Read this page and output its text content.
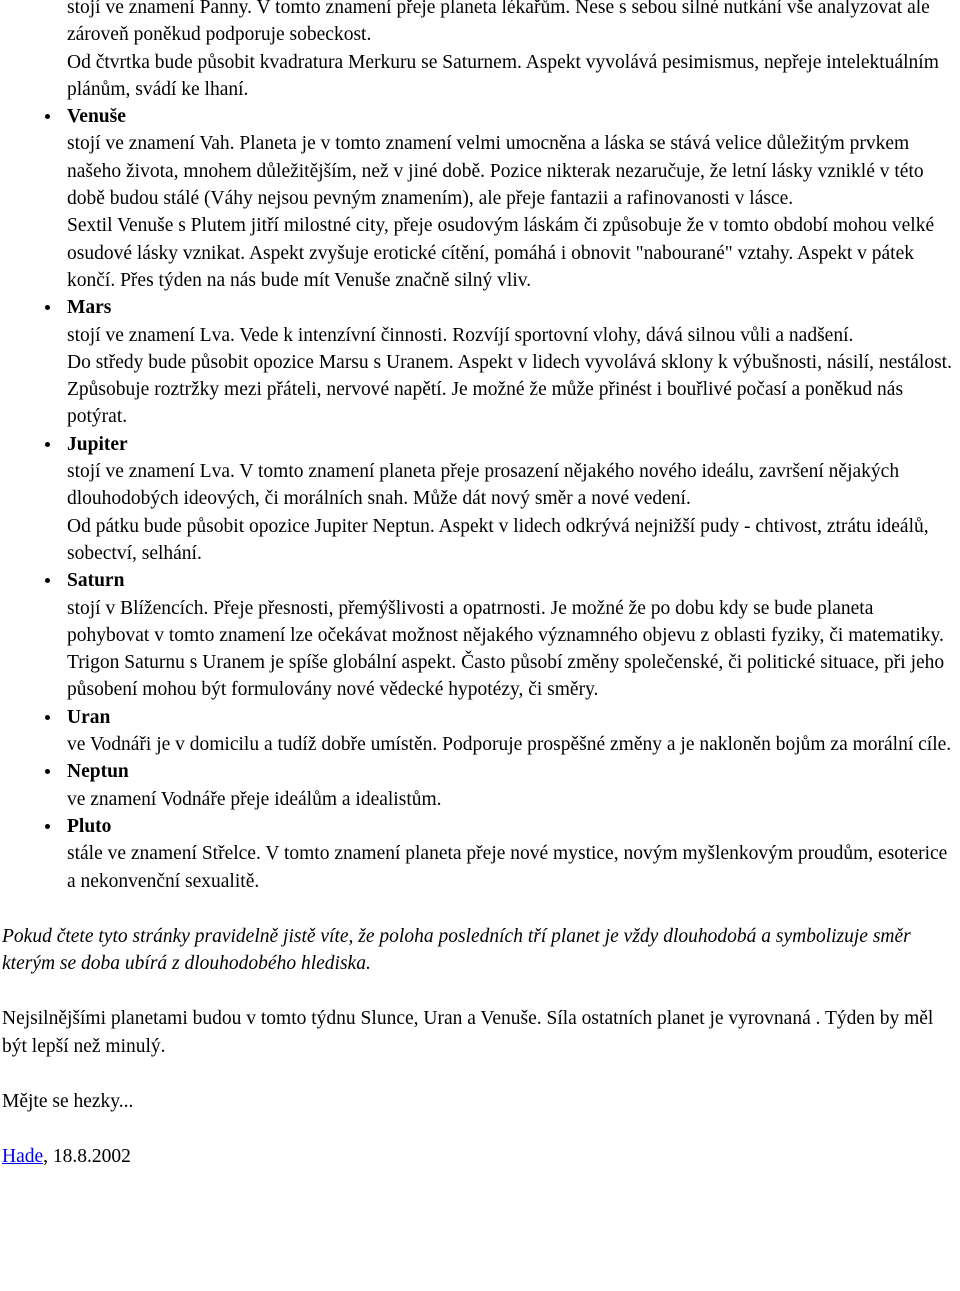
stojí ve znamení Panny. V tomto znamení přeje planeta lékařům. Nese s sebou silné nutkání vše analyzovat ale zároveň poněkud podporuje sobeckost.

Od čtvrtka bude působit kvadratura Merkuru se Saturnem. Aspekt vyvolává pesimismus, nepřeje intelektuálním plánům, svádí ke lhaní.

Venuše

stojí ve znamení Vah. Planeta je v tomto znamení velmi umocněna a láska se stává velice důležitým prvkem našeho života, mnohem důležitějším, než v jiné době. Pozice nikterak nezaručuje, že letní lásky vzniklé v této době budou stálé (Váhy nejsou pevným znamením), ale přeje fantazii a rafinovanosti v lásce.

Sextil Venuše s Plutem jitří milostné city, přeje osudovým láskám či způsobuje že v tomto období mohou velké osudové lásky vznikat. Aspekt zvyšuje erotické cítění, pomáhá i obnovit "nabourané" vztahy. Aspekt v pátek končí. Přes týden na nás bude mít Venuše značně silný vliv.

Mars

stojí ve znamení Lva. Vede k intenzívní činnosti. Rozvíjí sportovní vlohy, dává silnou vůli a nadšení.

Do středy bude působit opozice Marsu s Uranem. Aspekt v lidech vyvolává sklony k výbušnosti, násilí, nestálost. Způsobuje roztržky mezi přáteli, nervové napětí. Je možné že může přinést i bouřlivé počasí a poněkud nás potýrat.

Jupiter

stojí ve znamení Lva. V tomto znamení planeta přeje prosazení nějakého nového ideálu, završení nějakých dlouhodobých ideových, či morálních snah. Může dát nový směr a nové vedení.

Od pátku bude působit opozice Jupiter Neptun. Aspekt v lidech odkrývá nejnižší pudy - chtivost, ztrátu ideálů, sobectví, selhání.

Saturn

stojí v Blížencích. Přeje přesnosti, přemýšlivosti a opatrnosti. Je možné že po dobu kdy se bude planeta pohybovat v tomto znamení lze očekávat možnost nějakého významného objevu z oblasti fyziky, či matematiky.

Trigon Saturnu s Uranem je spíše globální aspekt. Často působí změny společenské, či politické situace, při jeho působení mohou být formulovány nové vědecké hypotézy, či směry.

Uran

ve Vodnáři je v domicilu a tudíž dobře umístěn. Podporuje prospěšné změny a je nakloněn bojům za morální cíle.

Neptun

ve znamení Vodnáře přeje ideálům a idealistům.

Pluto

stále ve znamení Střelce. V tomto znamení planeta přeje nové mystice, novým myšlenkovým proudům, esoterice a nekonvenční sexualitě.

Pokud čtete tyto stránky pravidelně jistě víte, že poloha posledních tří planet je vždy dlouhodobá a symbolizuje směr kterým se doba ubírá z dlouhodobého hlediska.

Nejsilnějšími planetami budou v tomto týdnu Slunce, Uran a Venuše. Síla ostatních planet je vyrovnaná . Týden by měl být lepší než minulý.

Mějte se hezky...

Hade, 18.8.2002
